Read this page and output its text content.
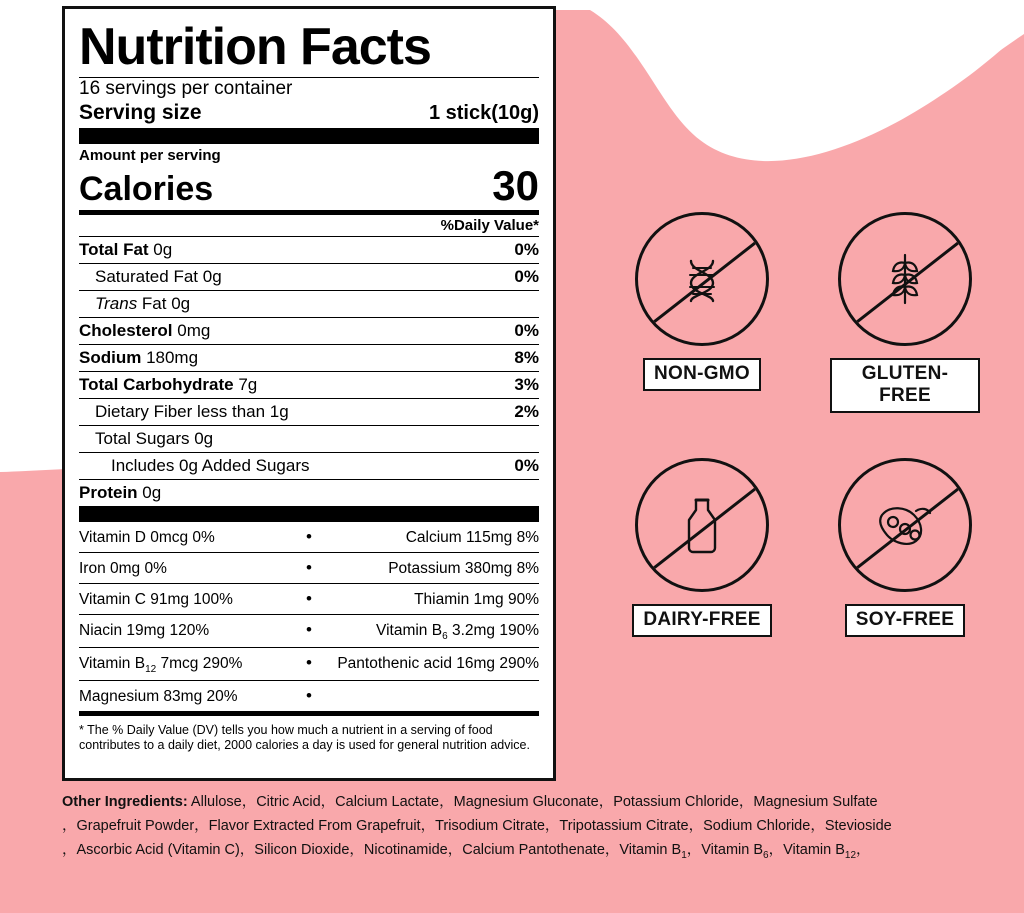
Nutrition Facts
16 servings per container
Serving size	1 stick(10g)
Amount per serving
Calories	30
%Daily Value*
Total Fat 0g	0%
Saturated Fat 0g	0%
Trans Fat 0g
Cholesterol 0mg	0%
Sodium 180mg	8%
Total Carbohydrate 7g	3%
Dietary Fiber less than 1g	2%
Total Sugars 0g
Includes 0g Added Sugars	0%
Protein 0g
Vitamin D 0mcg 0%	•	Calcium 115mg 8%
Iron 0mg 0%	•	Potassium 380mg 8%
Vitamin C 91mg 100%	•	Thiamin 1mg 90%
Niacin 19mg 120%	•	Vitamin $B_6$ 3.2mg 190%
Vitamin $B_{12}$ 7mcg 290%	•	Pantothenic acid 16mg 290%
Magnesium 83mg 20%	•
* The % Daily Value (DV) tells you how much a nutrient in a serving of food contributes to a daily diet, 2000 calories a day is used for general nutrition advice.
NON-GMO	GLUTEN-FREE
DAIRY-FREE	SOY-FREE
Other Ingredients: Allulose，Citric Acid，Calcium Lactate，Magnesium Gluconate，Potassium Chloride，Magnesium Sulfate
，Grapefruit Powder，Flavor Extracted From Grapefruit，Trisodium Citrate，Tripotassium Citrate，Sodium Chloride，Stevioside
，Ascorbic Acid (Vitamin C)，Silicon Dioxide，Nicotinamide，Calcium Pantothenate，Vitamin $B_1$，Vitamin $B_6$，Vitamin $B_{12}$，
